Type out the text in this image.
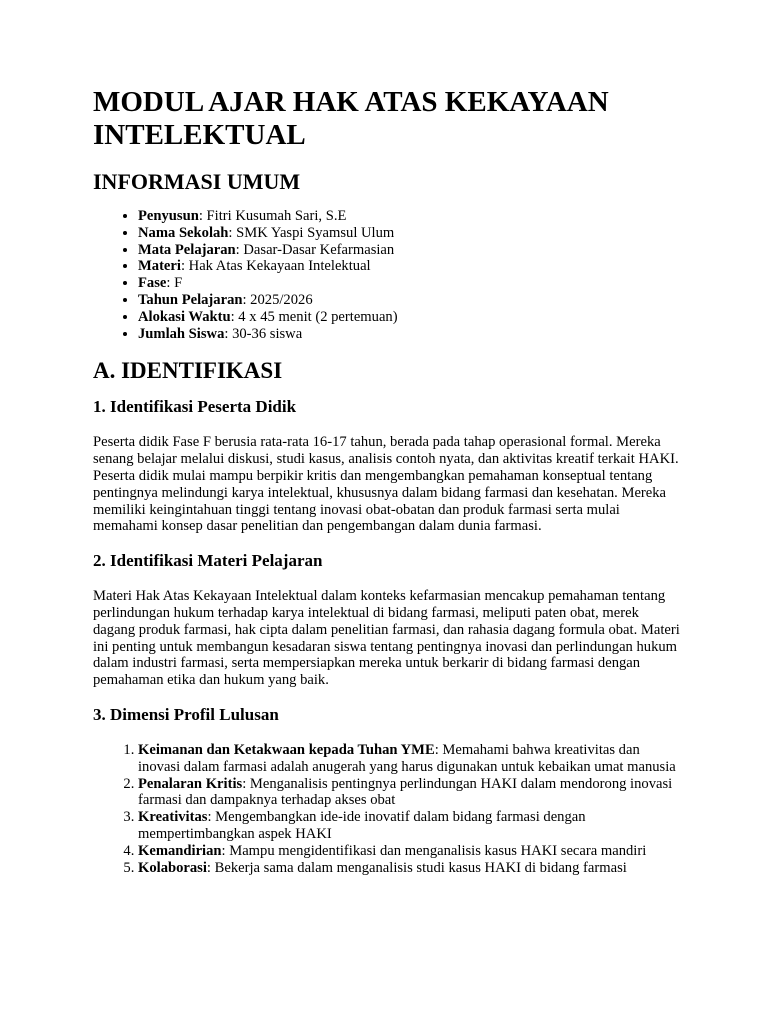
MODUL AJAR HAK ATAS KEKAYAAN INTELEKTUAL
INFORMASI UMUM
• Penyusun: Fitri Kusumah Sari, S.E
• Nama Sekolah: SMK Yaspi Syamsul Ulum
• Mata Pelajaran: Dasar-Dasar Kefarmasian
• Materi: Hak Atas Kekayaan Intelektual
• Fase: F
• Tahun Pelajaran: 2025/2026
• Alokasi Waktu: 4 x 45 menit (2 pertemuan)
• Jumlah Siswa: 30-36 siswa
A. IDENTIFIKASI
1. Identifikasi Peserta Didik

Peserta didik Fase F berusia rata-rata 16-17 tahun, berada pada tahap operasional formal. Mereka senang belajar melalui diskusi, studi kasus, analisis contoh nyata, dan aktivitas kreatif terkait HAKI. Peserta didik mulai mampu berpikir kritis dan mengembangkan pemahaman konseptual tentang pentingnya melindungi karya intelektual, khususnya dalam bidang farmasi dan kesehatan. Mereka memiliki keingintahuan tinggi tentang inovasi obat-obatan dan produk farmasi serta mulai memahami konsep dasar penelitian dan pengembangan dalam dunia farmasi.

2. Identifikasi Materi Pelajaran

Materi Hak Atas Kekayaan Intelektual dalam konteks kefarmasian mencakup pemahaman tentang perlindungan hukum terhadap karya intelektual di bidang farmasi, meliputi paten obat, merek dagang produk farmasi, hak cipta dalam penelitian farmasi, dan rahasia dagang formula obat. Materi ini penting untuk membangun kesadaran siswa tentang pentingnya inovasi dan perlindungan hukum dalam industri farmasi, serta mempersiapkan mereka untuk berkarir di bidang farmasi dengan pemahaman etika dan hukum yang baik.

3. Dimensi Profil Lulusan
1. Keimanan dan Ketakwaan kepada Tuhan YME: Memahami bahwa kreativitas dan inovasi dalam farmasi adalah anugerah yang harus digunakan untuk kebaikan umat manusia
2. Penalaran Kritis: Menganalisis pentingnya perlindungan HAKI dalam mendorong inovasi farmasi dan dampaknya terhadap akses obat
3. Kreativitas: Mengembangkan ide-ide inovatif dalam bidang farmasi dengan mempertimbangkan aspek HAKI
4. Kemandirian: Mampu mengidentifikasi dan menganalisis kasus HAKI secara mandiri
5. Kolaborasi: Bekerja sama dalam menganalisis studi kasus HAKI di bidang farmasi
